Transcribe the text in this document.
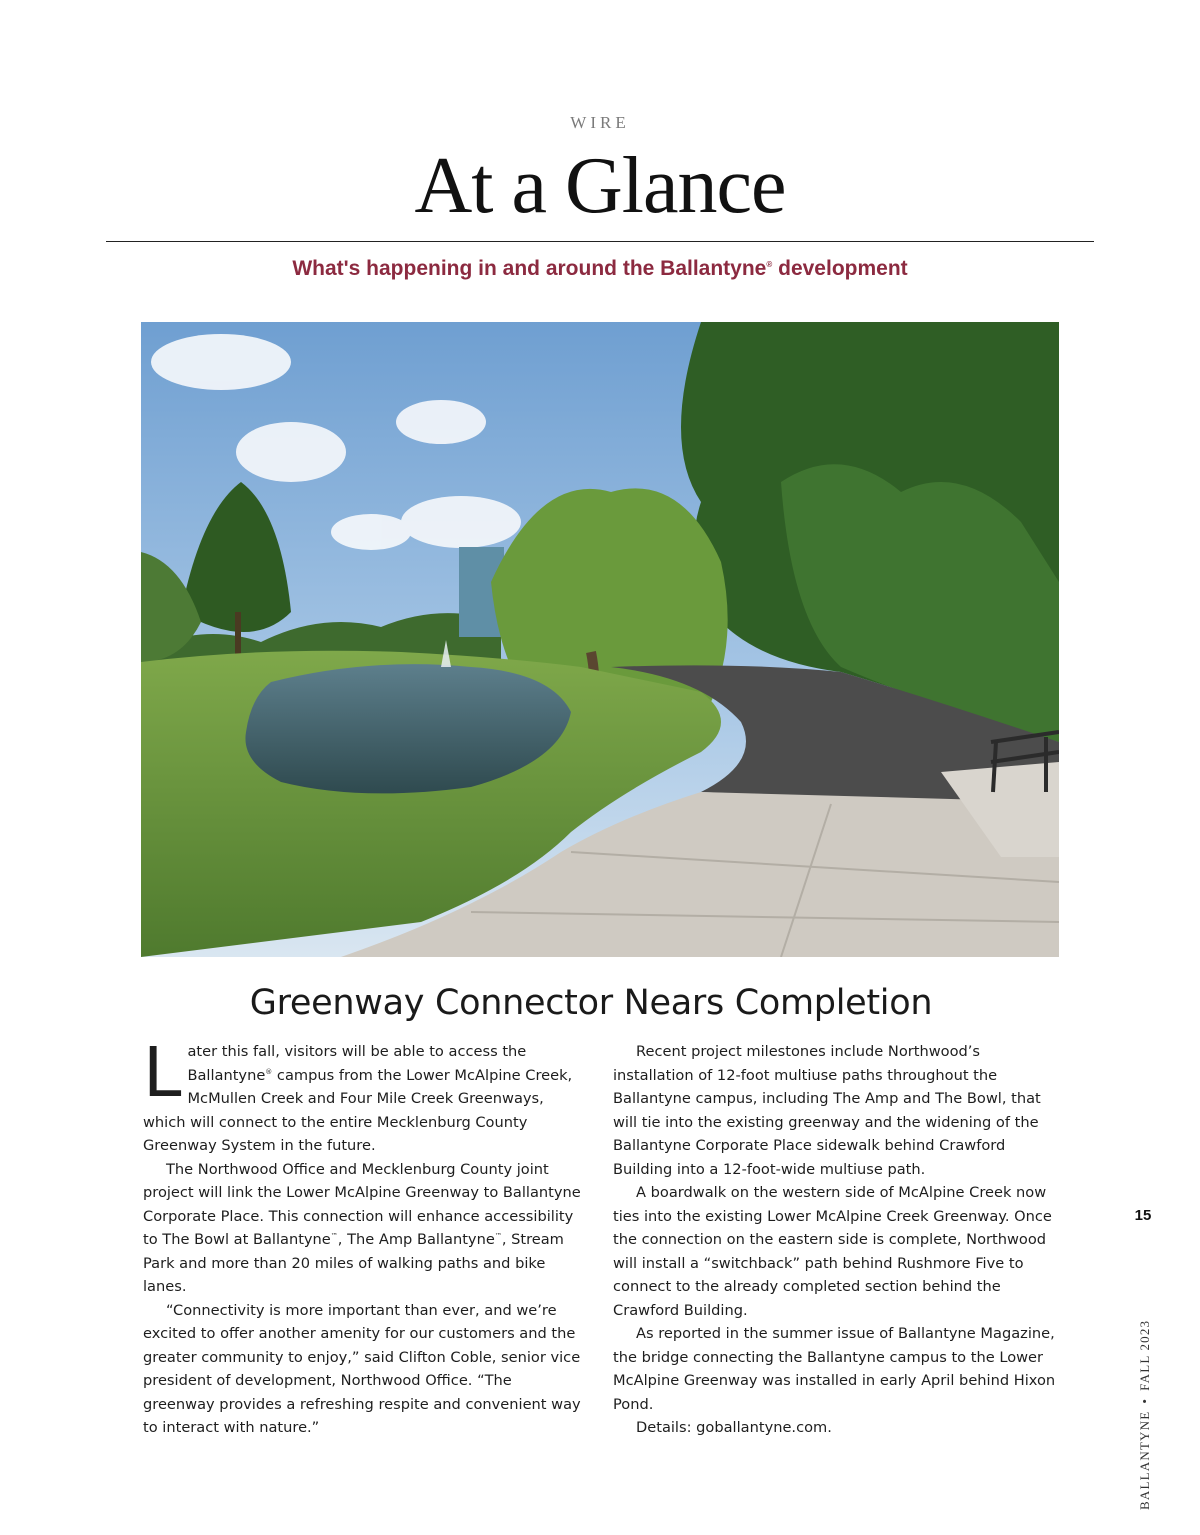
WIRE
At a Glance
What's happening in and around the Ballantyne® development
Greenway Connector Nears Completion

Later this fall, visitors will be able to access the Ballantyne® campus from the Lower McAlpine Creek, McMullen Creek and Four Mile Creek Greenways, which will connect to the entire Mecklenburg County Greenway System in the future.

The Northwood Office and Mecklenburg County joint project will link the Lower McAlpine Greenway to Ballantyne Corporate Place. This connection will enhance accessibility to The Bowl at Ballantyne™, The Amp Ballantyne™, Stream Park and more than 20 miles of walking paths and bike lanes.

“Connectivity is more important than ever, and we’re excited to offer another amenity for our customers and the greater community to enjoy,” said Clifton Coble, senior vice president of development, Northwood Office. “The greenway provides a refreshing respite and convenient way to interact with nature.”

Recent project milestones include Northwood’s installation of 12-foot multiuse paths throughout the Ballantyne campus, including The Amp and The Bowl, that will tie into the existing greenway and the widening of the Ballantyne Corporate Place sidewalk behind Crawford Building into a 12-foot-wide multiuse path.

A boardwalk on the western side of McAlpine Creek now ties into the existing Lower McAlpine Creek Greenway. Once the connection on the eastern side is complete, Northwood will install a “switchback” path behind Rushmore Five to connect to the already completed section behind the Crawford Building.

As reported in the summer issue of Ballantyne Magazine, the bridge connecting the Ballantyne campus to the Lower McAlpine Greenway was installed in early April behind Hixon Pond.

Details: goballantyne.com.

15
BALLANTYNE•FALL 2023
